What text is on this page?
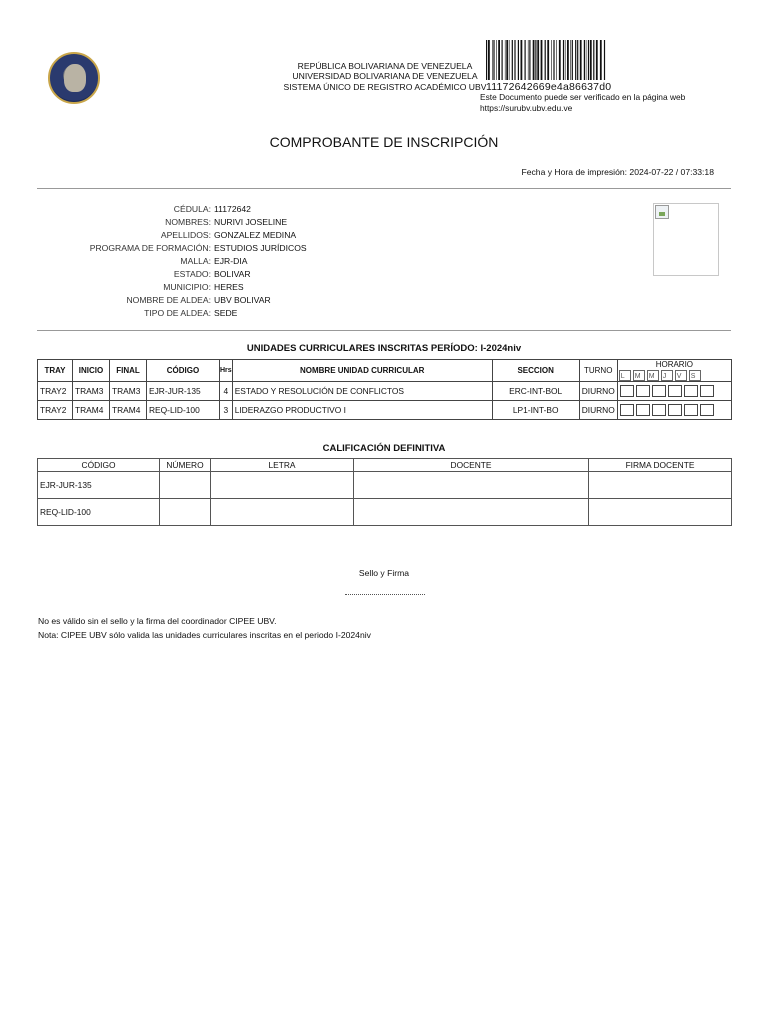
REPÚBLICA BOLIVARIANA DE VENEZUELA
UNIVERSIDAD BOLIVARIANA DE VENEZUELA
SISTEMA ÚNICO DE REGISTRO ACADÉMICO UBV 11172642669e4a86637d0
Este Documento puede ser verificado en la página web
https://surubv.ubv.edu.ve
COMPROBANTE DE INSCRIPCIÓN
Fecha y Hora de impresión: 2024-07-22 / 07:33:18
CÉDULA: 11172642
NOMBRES: NURIVI JOSELINE
APELLIDOS: GONZALEZ MEDINA
PROGRAMA DE FORMACIÓN: ESTUDIOS JURÍDICOS
MALLA: EJR-DIA
ESTADO: BOLIVAR
MUNICIPIO: HERES
NOMBRE DE ALDEA: UBV BOLIVAR
TIPO DE ALDEA: SEDE
UNIDADES CURRICULARES INSCRITAS PERÍODO: I-2024niv
TRAY	INICIO	FINAL	CÓDIGO	Hrs	NOMBRE UNIDAD CURRICULAR	SECCION	TURNO	HORARIO
								L M M J V S
TRAY2	TRAM3	TRAM3	EJR-JUR-135	4	ESTADO Y RESOLUCIÓN DE CONFLICTOS	ERC-INT-BOL	DIURNO	
TRAY2	TRAM4	TRAM4	REQ-LID-100	3	LIDERAZGO PRODUCTIVO I	LP1-INT-BO	DIURNO	
CALIFICACIÓN DEFINITIVA
CÓDIGO	NÚMERO	LETRA	DOCENTE	FIRMA DOCENTE
EJR-JUR-135				
REQ-LID-100				
Sello y Firma
No es válido sin el sello y la firma del coordinador CIPEE UBV.
Nota: CIPEE UBV sólo valida las unidades curriculares inscritas en el periodo I-2024niv
